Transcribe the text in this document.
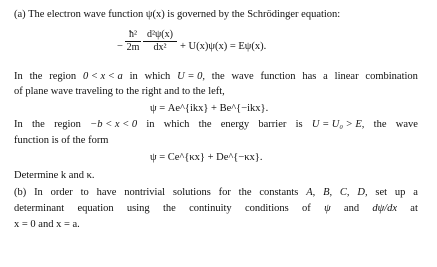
(a) The electron wave function ψ(x) is governed by the Schrödinger equation:
− $\frac{\text{ħ²}}{2m} \frac{\text{d²ψ(x)}}{\text{dx²}} + U(x)\psi(x) = E\psi(x)$.
In the region 0 < x < a in which U = 0, the wave function has a linear combination
of plane wave traveling to the right and to the left,
ψ = Ae^{ikx} + Be^{−ikx}.
In the region −b < x < 0 in which the energy barrier is U = U₀ > E, the wave
function is of the form
ψ = Ce^{κx} + De^{−κx}.
Determine k and κ.
(b) In order to have nontrivial solutions for the constants A, B, C, D, set up a
determinant equation using the continuity conditions of ψ and dψ/dx at
x = 0 and x = a.
